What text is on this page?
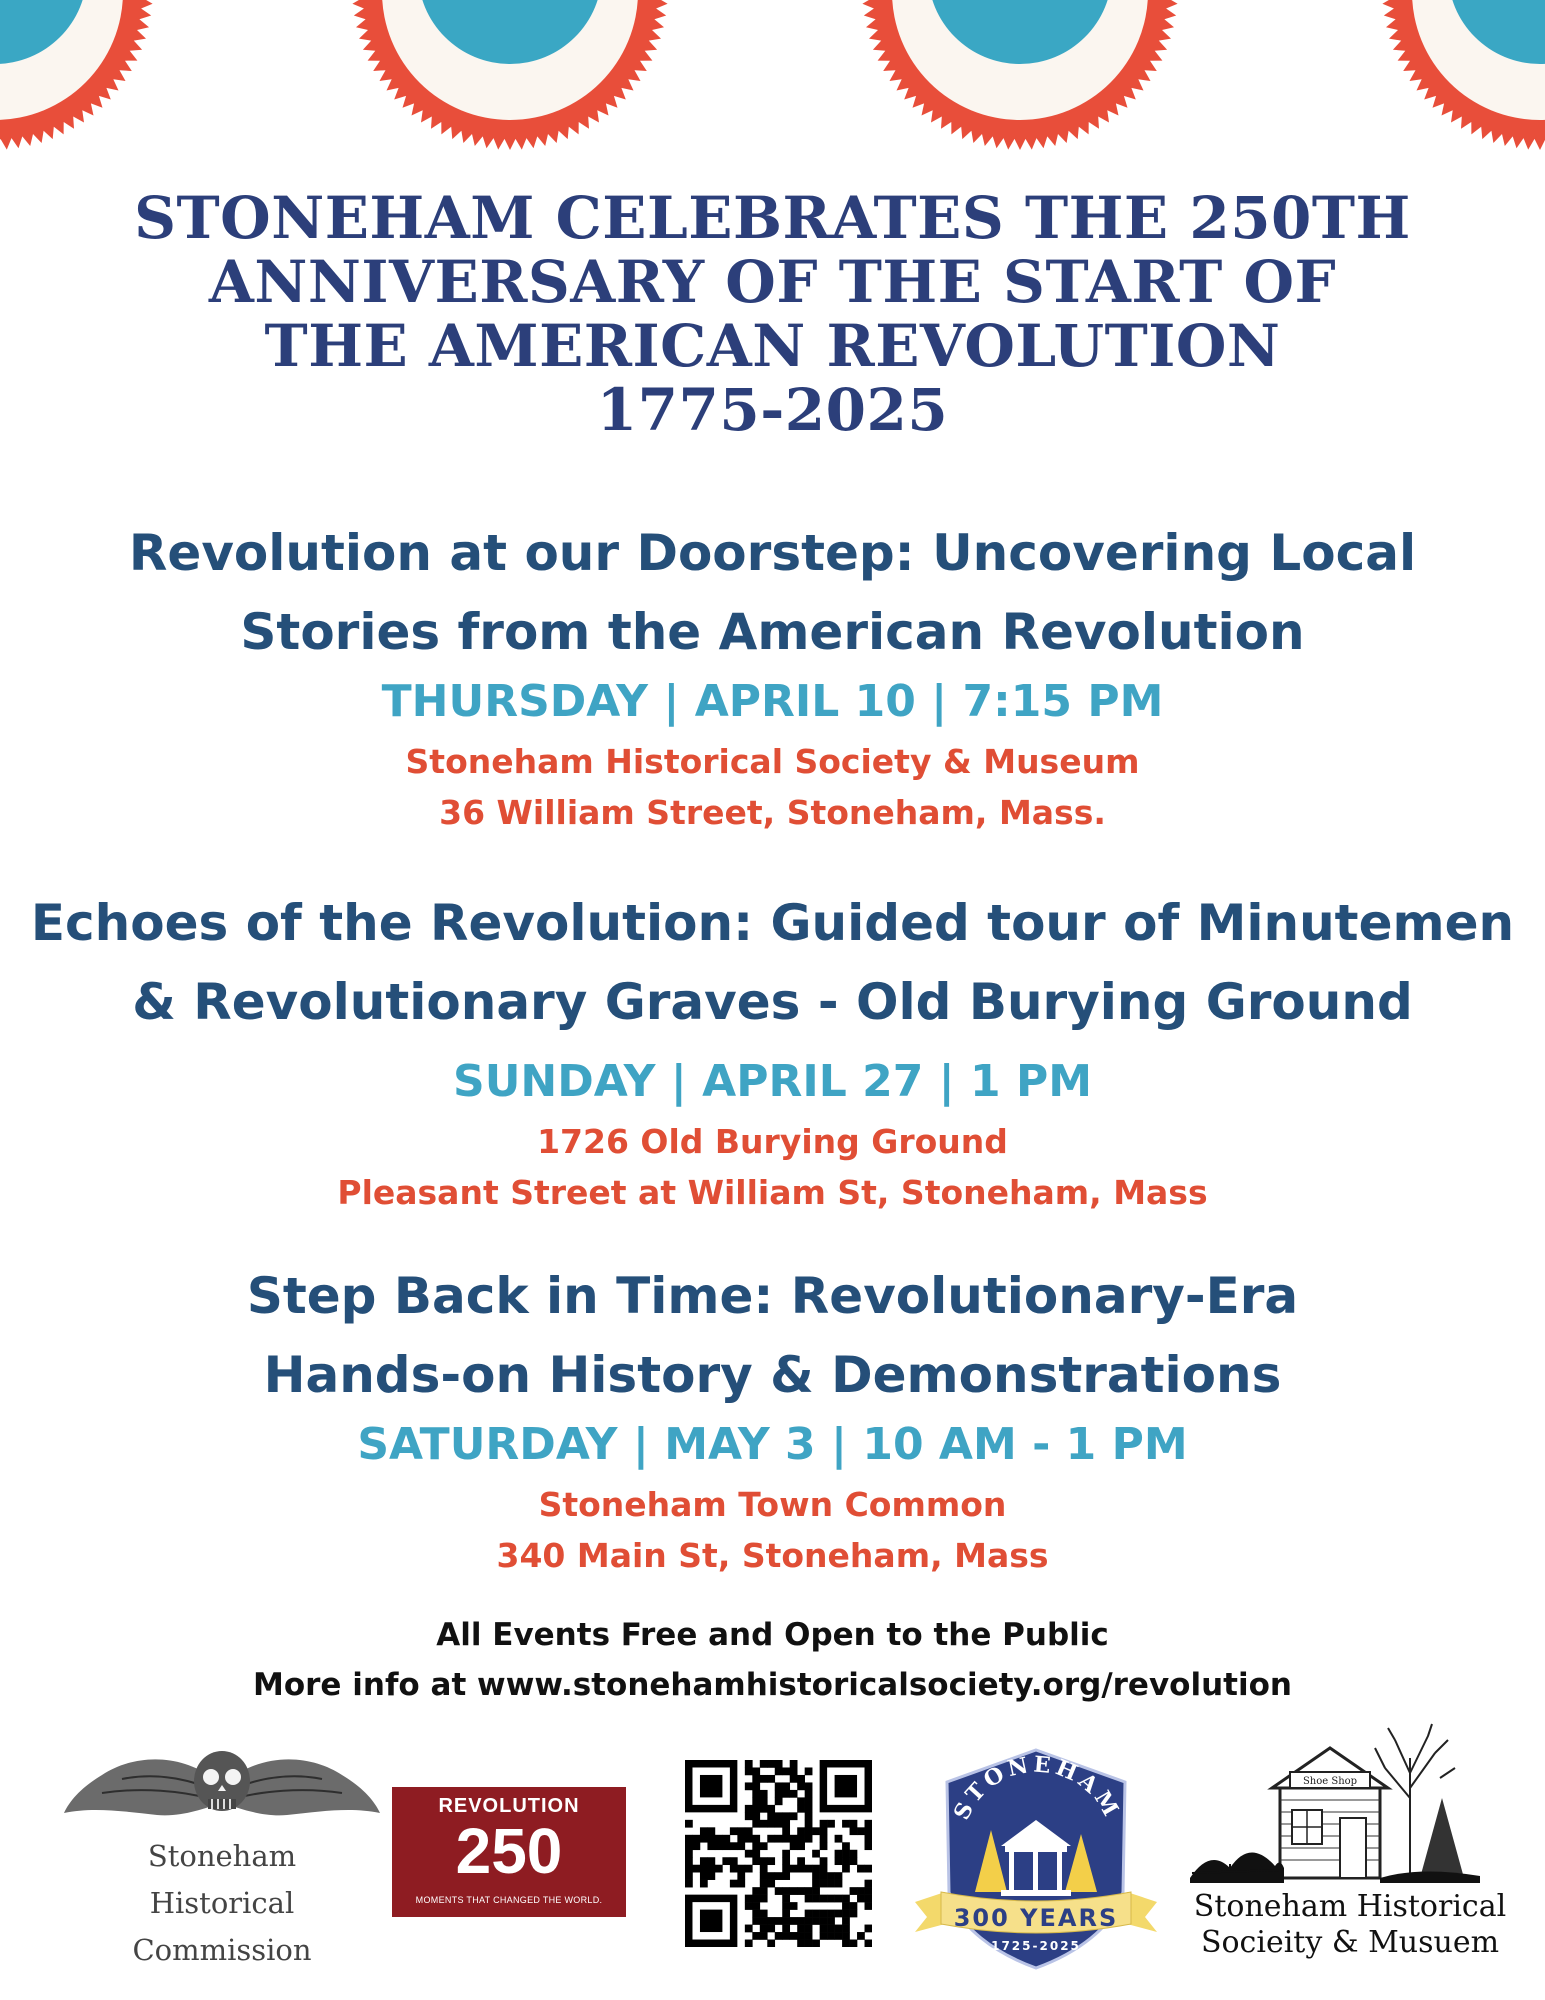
STONEHAM CELEBRATES THE 250TH
ANNIVERSARY OF THE START OF
THE AMERICAN REVOLUTION
1775-2025
Revolution at our Doorstep: Uncovering Local
Stories from the American Revolution
THURSDAY | APRIL 10 | 7:15 PM
Stoneham Historical Society & Museum
36 William Street, Stoneham, Mass.
Echoes of the Revolution: Guided tour of Minutemen
& Revolutionary Graves - Old Burying Ground
SUNDAY | APRIL 27 | 1 PM
1726 Old Burying Ground
Pleasant Street at William St, Stoneham, Mass
Step Back in Time: Revolutionary-Era
Hands-on History & Demonstrations
SATURDAY | MAY 3 | 10 AM - 1 PM
Stoneham Town Common
340 Main St, Stoneham, Mass
All Events Free and Open to the Public
More info at www.stonehamhistoricalsociety.org/revolution
Stoneham
Historical
Commission
REVOLUTION
250
MOMENTS THAT CHANGED THE WORLD.
STONEHAM
300 YEARS
1725-2025
Shoe Shop
Stoneham Historical
Socieity & Musuem
